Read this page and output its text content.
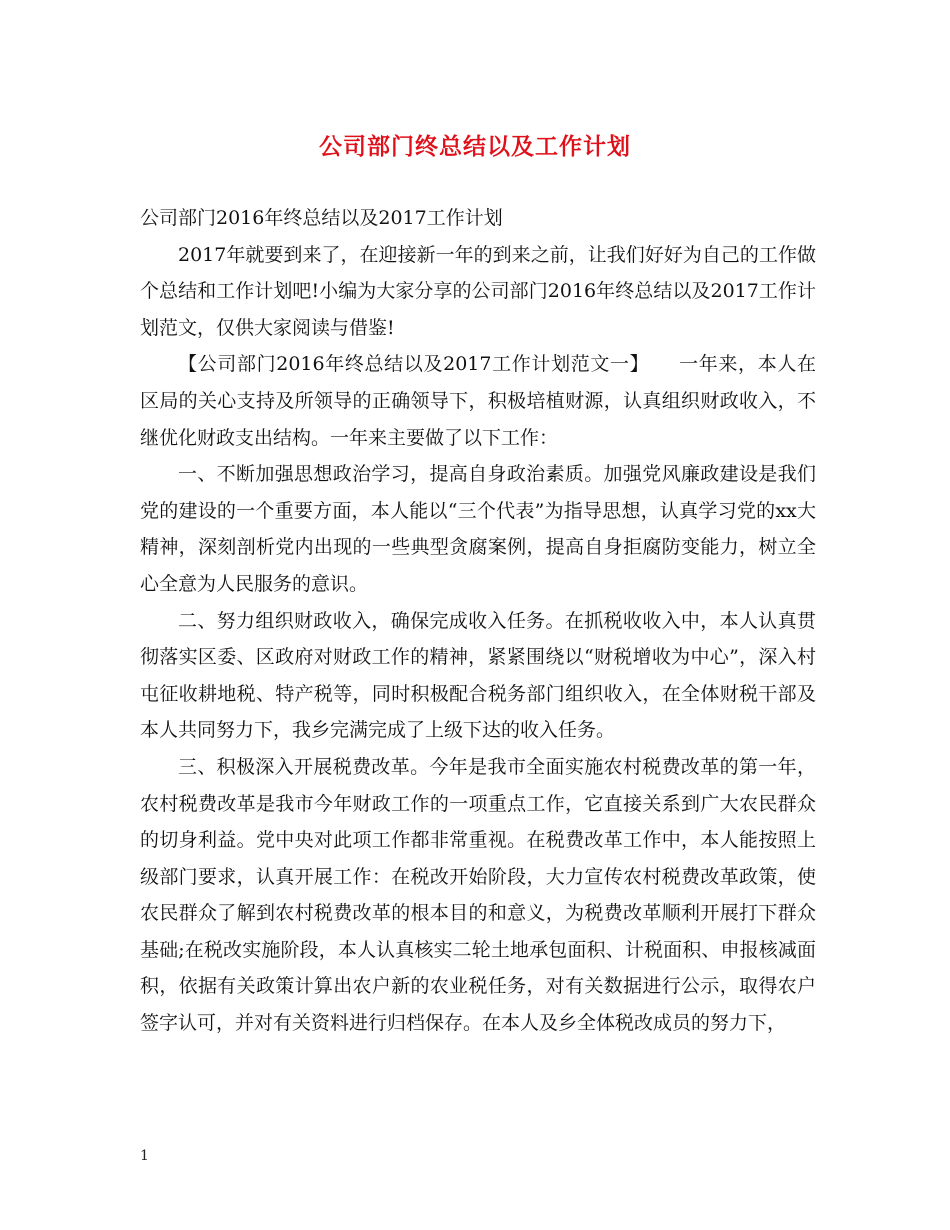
公司部门终总结以及工作计划

公司部门2016年终总结以及2017工作计划

2017年就要到来了，在迎接新一年的到来之前，让我们好好为自己的工作做个总结和工作计划吧!小编为大家分享的公司部门2016年终总结以及2017工作计划范文，仅供大家阅读与借鉴!

【公司部门2016年终总结以及2017工作计划范文一】　　一年来，本人在区局的关心支持及所领导的正确领导下，积极培植财源，认真组织财政收入，不继优化财政支出结构。一年来主要做了以下工作：

一、不断加强思想政治学习，提高自身政治素质。加强党风廉政建设是我们党的建设的一个重要方面，本人能以“三个代表”为指导思想，认真学习党的xx大精神，深刻剖析党内出现的一些典型贪腐案例，提高自身拒腐防变能力，树立全心全意为人民服务的意识。

二、努力组织财政收入，确保完成收入任务。在抓税收收入中，本人认真贯彻落实区委、区政府对财政工作的精神，紧紧围绕以“财税增收为中心”，深入村屯征收耕地税、特产税等，同时积极配合税务部门组织收入，在全体财税干部及本人共同努力下，我乡完满完成了上级下达的收入任务。

三、积极深入开展税费改革。今年是我市全面实施农村税费改革的第一年，农村税费改革是我市今年财政工作的一项重点工作，它直接关系到广大农民群众的切身利益。党中央对此项工作都非常重视。在税费改革工作中，本人能按照上级部门要求，认真开展工作：在税改开始阶段，大力宣传农村税费改革政策，使农民群众了解到农村税费改革的根本目的和意义，为税费改革顺利开展打下群众基础;在税改实施阶段，本人认真核实二轮土地承包面积、计税面积、申报核减面积，依据有关政策计算出农户新的农业税任务，对有关数据进行公示，取得农户签字认可，并对有关资料进行归档保存。在本人及乡全体税改成员的努力下，

1
